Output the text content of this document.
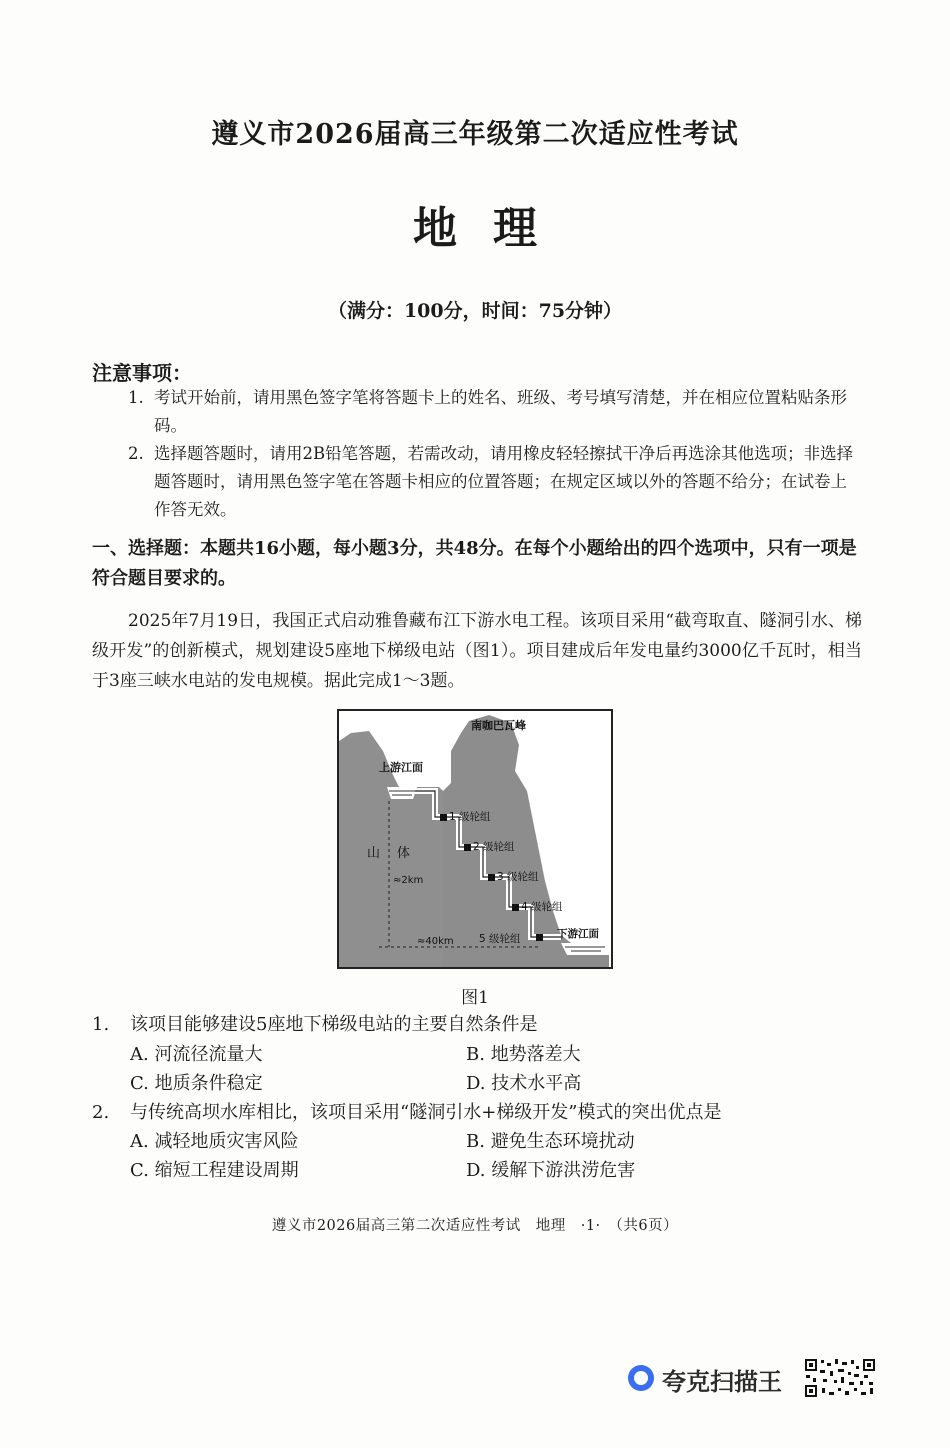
遵义市2026届高三年级第二次适应性考试
地理
（满分：100分，时间：75分钟）
注意事项：
1. 考试开始前，请用黑色签字笔将答题卡上的姓名、班级、考号填写清楚，并在相应位置粘贴条形码。
2. 选择题答题时，请用2B铅笔答题，若需改动，请用橡皮轻轻擦拭干净后再选涂其他选项；非选择题答题时，请用黑色签字笔在答题卡相应的位置答题；在规定区域以外的答题不给分；在试卷上作答无效。
一、选择题：本题共16小题，每小题3分，共48分。在每个小题给出的四个选项中，只有一项是符合题目要求的。
2025年7月19日，我国正式启动雅鲁藏布江下游水电工程。该项目采用“截弯取直、隧洞引水、梯级开发”的创新模式，规划建设5座地下梯级电站（图1）。项目建成后年发电量约3000亿千瓦时，相当于3座三峡水电站的发电规模。据此完成1～3题。
南咖巴瓦峰
上游江面
山 体
≈2km
≈40km
1 级轮组
2 级轮组
3 级轮组
4 级轮组
5 级轮组	下游江面
图1
1. 该项目能够建设5座地下梯级电站的主要自然条件是
A. 河流径流量大	B. 地势落差大
C. 地质条件稳定	D. 技术水平高
2. 与传统高坝水库相比，该项目采用“隧洞引水+梯级开发”模式的突出优点是
A. 减轻地质灾害风险	B. 避免生态环境扰动
C. 缩短工程建设周期	D. 缓解下游洪涝危害
遵义市2026届高三第二次适应性考试　地理　·1·　（共6页）
夸克扫描王
